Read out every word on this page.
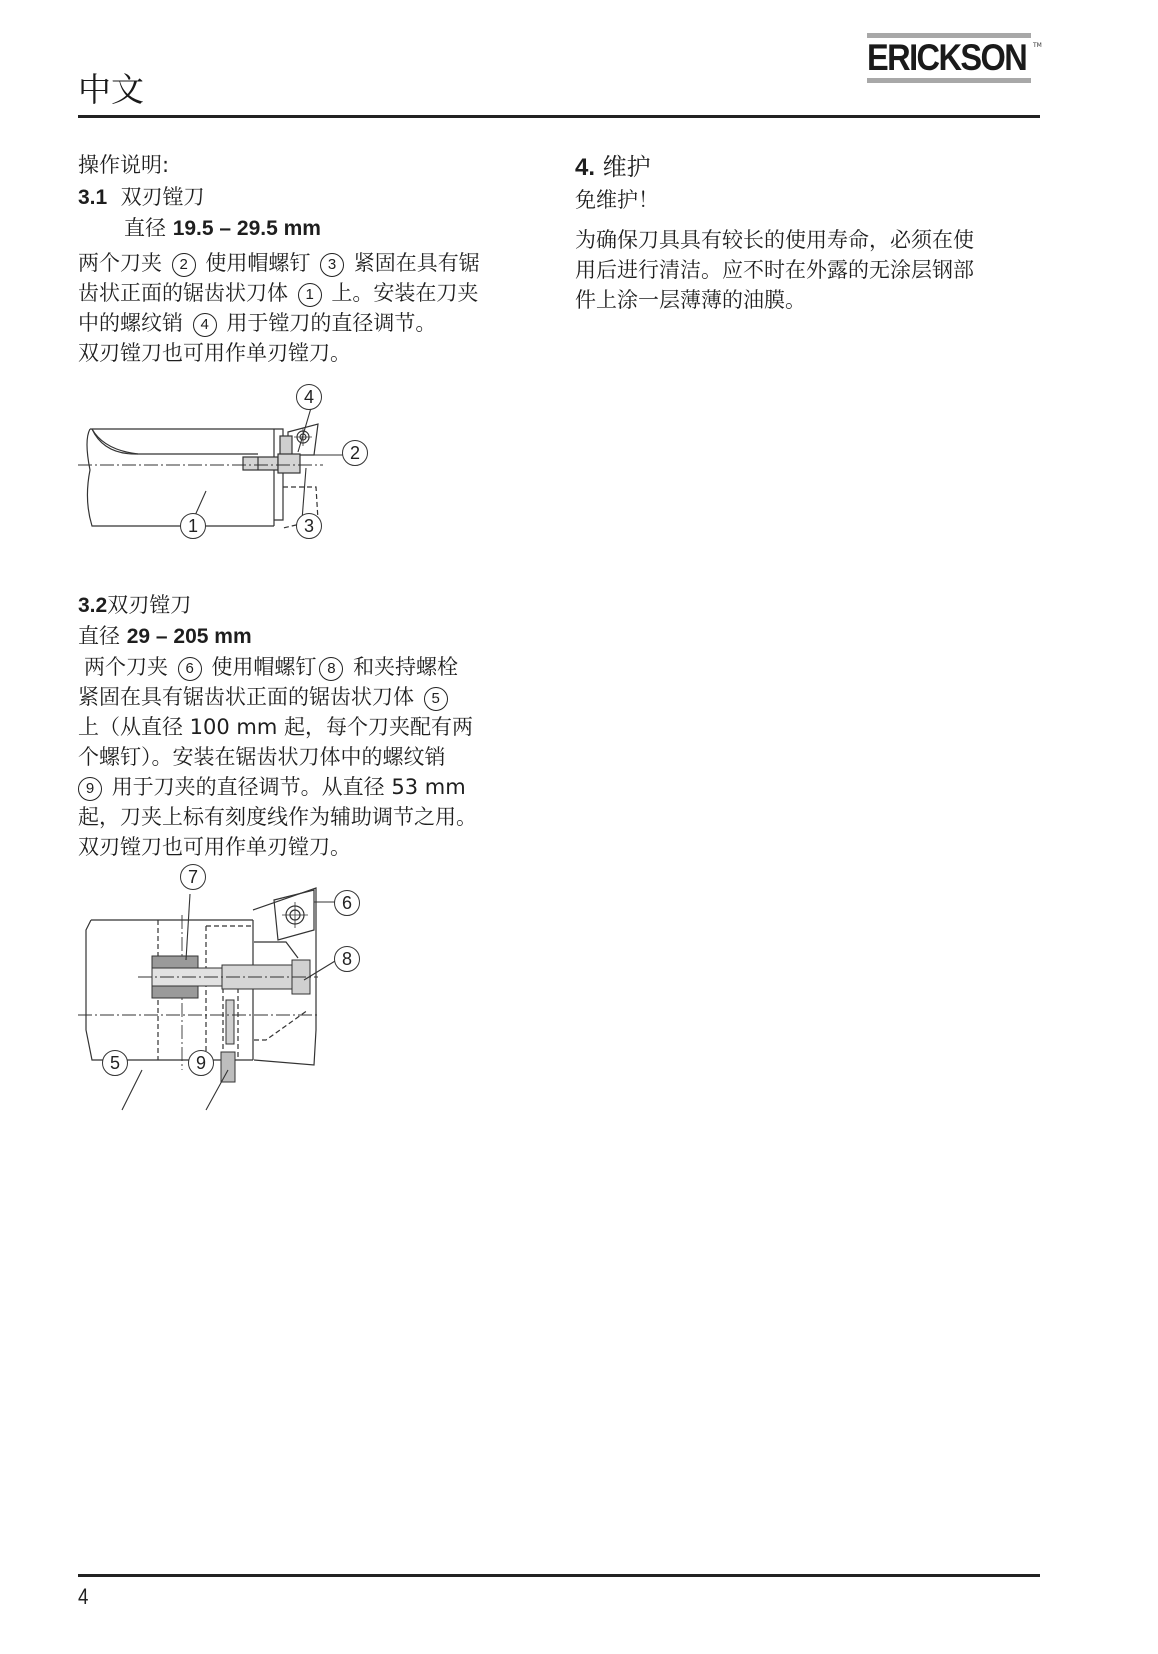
ERICKSON TM
中文

操作说明:

3.1 双刃镗刀

直径 19.5 – 29.5 mm

两个刀夹 2 使用帽螺钉 3 紧固在具有锯

齿状正面的锯齿状刀体 1 上。安装在刀夹

中的螺纹销 4 用于镗刀的直径调节。

双刃镗刀也可用作单刃镗刀。

3.2双刃镗刀

直径 29 – 205 mm

两个刀夹 6 使用帽螺钉 8 和夹持螺栓

紧固在具有锯齿状正面的锯齿状刀体 5

上（从直径 100 mm 起，每个刀夹配有两

个螺钉）。安装在锯齿状刀体中的螺纹销

9 用于刀夹的直径调节。从直径 53 mm

起，刀夹上标有刻度线作为辅助调节之用。

双刃镗刀也可用作单刃镗刀。

4
2
3
1
7
6
8
5	9

4. 维护

免维护！

为确保刀具具有较长的使用寿命，必须在使

用后进行清洁。应不时在外露的无涂层钢部

件上涂一层薄薄的油膜。

4
